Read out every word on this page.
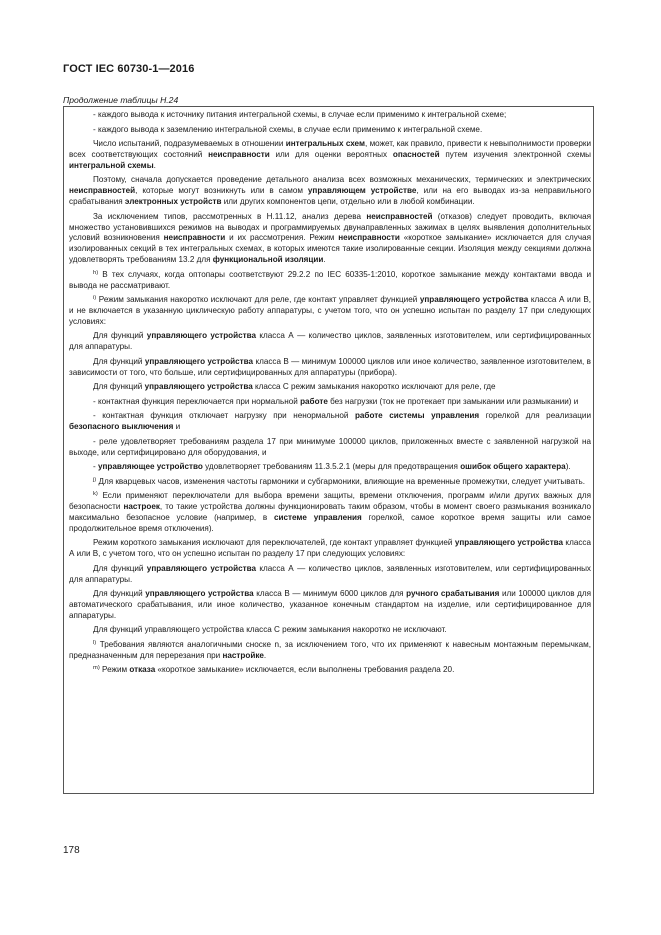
ГОСТ IEC 60730-1—2016
Продолжение таблицы Н.24

- каждого вывода к источнику питания интегральной схемы, в случае если применимо к интегральной схеме;

- каждого вывода к заземлению интегральной схемы, в случае если применимо к интегральной схеме.

Число испытаний, подразумеваемых в отношении интегральных схем, может, как правило, привести к невыполнимости проверки всех соответствующих состояний неисправности или для оценки вероятных опасностей путем изучения электронной схемы интегральной схемы.

Поэтому, сначала допускается проведение детального анализа всех возможных механических, термических и электрических неисправностей, которые могут возникнуть или в самом управляющем устройстве, или на его выводах из-за неправильного срабатывания электронных устройств или других компонентов цепи, отдельно или в любой комбинации.

За исключением типов, рассмотренных в Н.11.12, анализ дерева неисправностей (отказов) следует проводить, включая множество установившихся режимов на выводах и программируемых двунаправленных зажимах в целях выявления дополнительных условий возникновения неисправности и их рассмотрения. Режим неисправности «короткое замыкание» исключается для случая изолированных секций в тех интегральных схемах, в которых имеются такие изолированные секции. Изоляция между секциями должна удовлетворять требованиям 13.2 для функциональной изоляции.

$^{h)}$ В тех случаях, когда оптопары соответствуют 29.2.2 по IEC 60335-1:2010, короткое замыкание между контактами ввода и вывода не рассматривают.

$^{i)}$ Режим замыкания накоротко исключают для реле, где контакт управляет функцией управляющего устройства класса А или В, и не включается в указанную циклическую работу аппаратуры, с учетом того, что он успешно испытан по разделу 17 при следующих условиях:

Для функций управляющего устройства класса А — количество циклов, заявленных изготовителем, или сертифицированных для аппаратуры.

Для функций управляющего устройства класса В — минимум 100000 циклов или иное количество, заявленное изготовителем, в зависимости от того, что больше, или сертифицированных для аппаратуры (прибора).

Для функций управляющего устройства класса С режим замыкания накоротко исключают для реле, где

- контактная функция переключается при нормальной работе без нагрузки (ток не протекает при замыкании или размыкании) и

- контактная функция отключает нагрузку при ненормальной работе системы управления горелкой для реализации безопасного выключения и

- реле удовлетворяет требованиям раздела 17 при минимуме 100000 циклов, приложенных вместе с заявленной нагрузкой на выходе, или сертифицировано для оборудования, и

- управляющее устройство удовлетворяет требованиям 11.3.5.2.1 (меры для предотвращения ошибок общего характера).

$^{j)}$ Для кварцевых часов, изменения частоты гармоники и субгармоники, влияющие на временные промежутки, следует учитывать.

$^{k)}$ Если применяют переключатели для выбора времени защиты, времени отключения, программ и/или других важных для безопасности настроек, то такие устройства должны функционировать таким образом, чтобы в момент своего размыкания возникало максимально безопасное условие (например, в системе управления горелкой, самое короткое время защиты или самое продолжительное время отключения).

Режим короткого замыкания исключают для переключателей, где контакт управляет функцией управляющего устройства класса А или В, с учетом того, что он успешно испытан по разделу 17 при следующих условиях:

Для функций управляющего устройства класса А — количество циклов, заявленных изготовителем, или сертифицированных для аппаратуры.

Для функций управляющего устройства класса В — минимум 6000 циклов для ручного срабатывания или 100000 циклов для автоматического срабатывания, или иное количество, указанное конечным стандартом на изделие, или сертифицированное для аппаратуры.

Для функций управляющего устройства класса С режим замыкания накоротко не исключают.

$^{l)}$ Требования являются аналогичными сноске n, за исключением того, что их применяют к навесным монтажным перемычкам, предназначенным для перерезания при настройке.

$^{m)}$ Режим отказа «короткое замыкание» исключается, если выполнены требования раздела 20.

178
